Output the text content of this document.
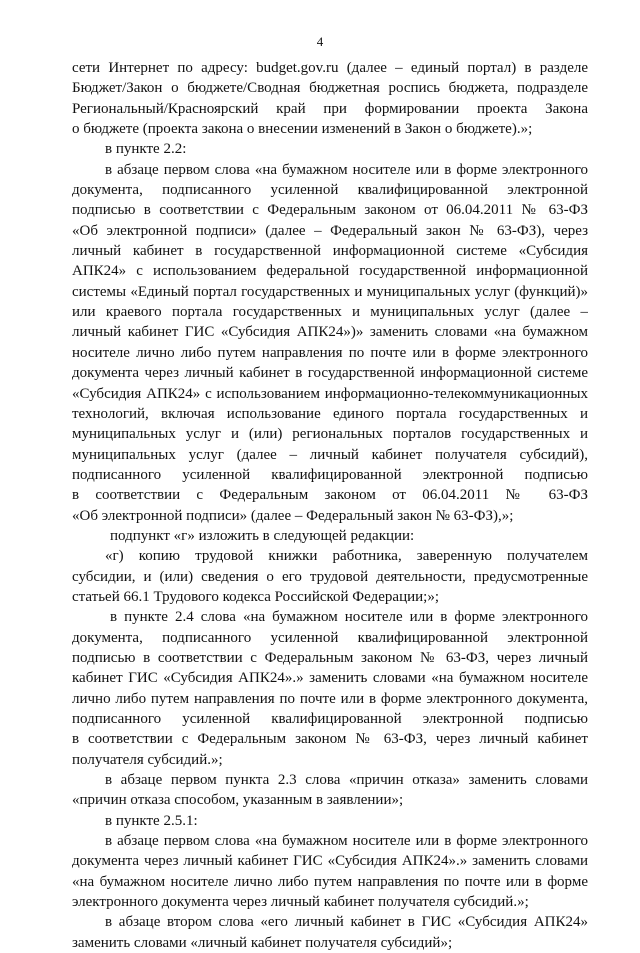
4
сети Интернет по адресу: budget.gov.ru (далее – единый портал) в разделе
Бюджет/Закон о бюджете/Сводная бюджетная роспись бюджета, подразделе
Региональный/Красноярский край при формировании проекта Закона
о бюджете (проекта закона о внесении изменений в Закон о бюджете).»;
в пункте 2.2:
в абзаце первом слова «на бумажном носителе или в форме электронного
документа, подписанного усиленной квалифицированной электронной
подписью в соответствии с Федеральным законом от 06.04.2011 № 63-ФЗ
«Об электронной подписи» (далее – Федеральный закон № 63-ФЗ), через
личный кабинет в государственной информационной системе «Субсидия
АПК24» с использованием федеральной государственной информационной
системы «Единый портал государственных и муниципальных услуг (функций)»
или краевого портала государственных и муниципальных услуг (далее –
личный кабинет ГИС «Субсидия АПК24»)» заменить словами «на бумажном
носителе лично либо путем направления по почте или в форме электронного
документа через личный кабинет в государственной информационной системе
«Субсидия АПК24» с использованием информационно-телекоммуникационных
технологий, включая использование единого портала государственных и
муниципальных услуг и (или) региональных порталов государственных и
муниципальных услуг (далее – личный кабинет получателя субсидий),
подписанного усиленной квалифицированной электронной подписью
в соответствии с Федеральным законом от 06.04.2011 № 63-ФЗ
«Об электронной подписи» (далее – Федеральный закон № 63-ФЗ),»;
подпункт «г» изложить в следующей редакции:
«г) копию трудовой книжки работника, заверенную получателем
субсидии, и (или) сведения о его трудовой деятельности, предусмотренные
статьей 66.1 Трудового кодекса Российской Федерации;»;
в пункте 2.4 слова «на бумажном носителе или в форме электронного
документа, подписанного усиленной квалифицированной электронной
подписью в соответствии с Федеральным законом № 63-ФЗ, через личный
кабинет ГИС «Субсидия АПК24».» заменить словами «на бумажном носителе
лично либо путем направления по почте или в форме электронного документа,
подписанного усиленной квалифицированной электронной подписью
в соответствии с Федеральным законом № 63-ФЗ, через личный кабинет
получателя субсидий.»;
в абзаце первом пункта 2.3 слова «причин отказа» заменить словами
«причин отказа способом, указанным в заявлении»;
в пункте 2.5.1:
в абзаце первом слова «на бумажном носителе или в форме электронного
документа через личный кабинет ГИС «Субсидия АПК24».» заменить словами
«на бумажном носителе лично либо путем направления по почте или в форме
электронного документа через личный кабинет получателя субсидий.»;
в абзаце втором слова «его личный кабинет в ГИС «Субсидия АПК24»
заменить словами «личный кабинет получателя субсидий»;
